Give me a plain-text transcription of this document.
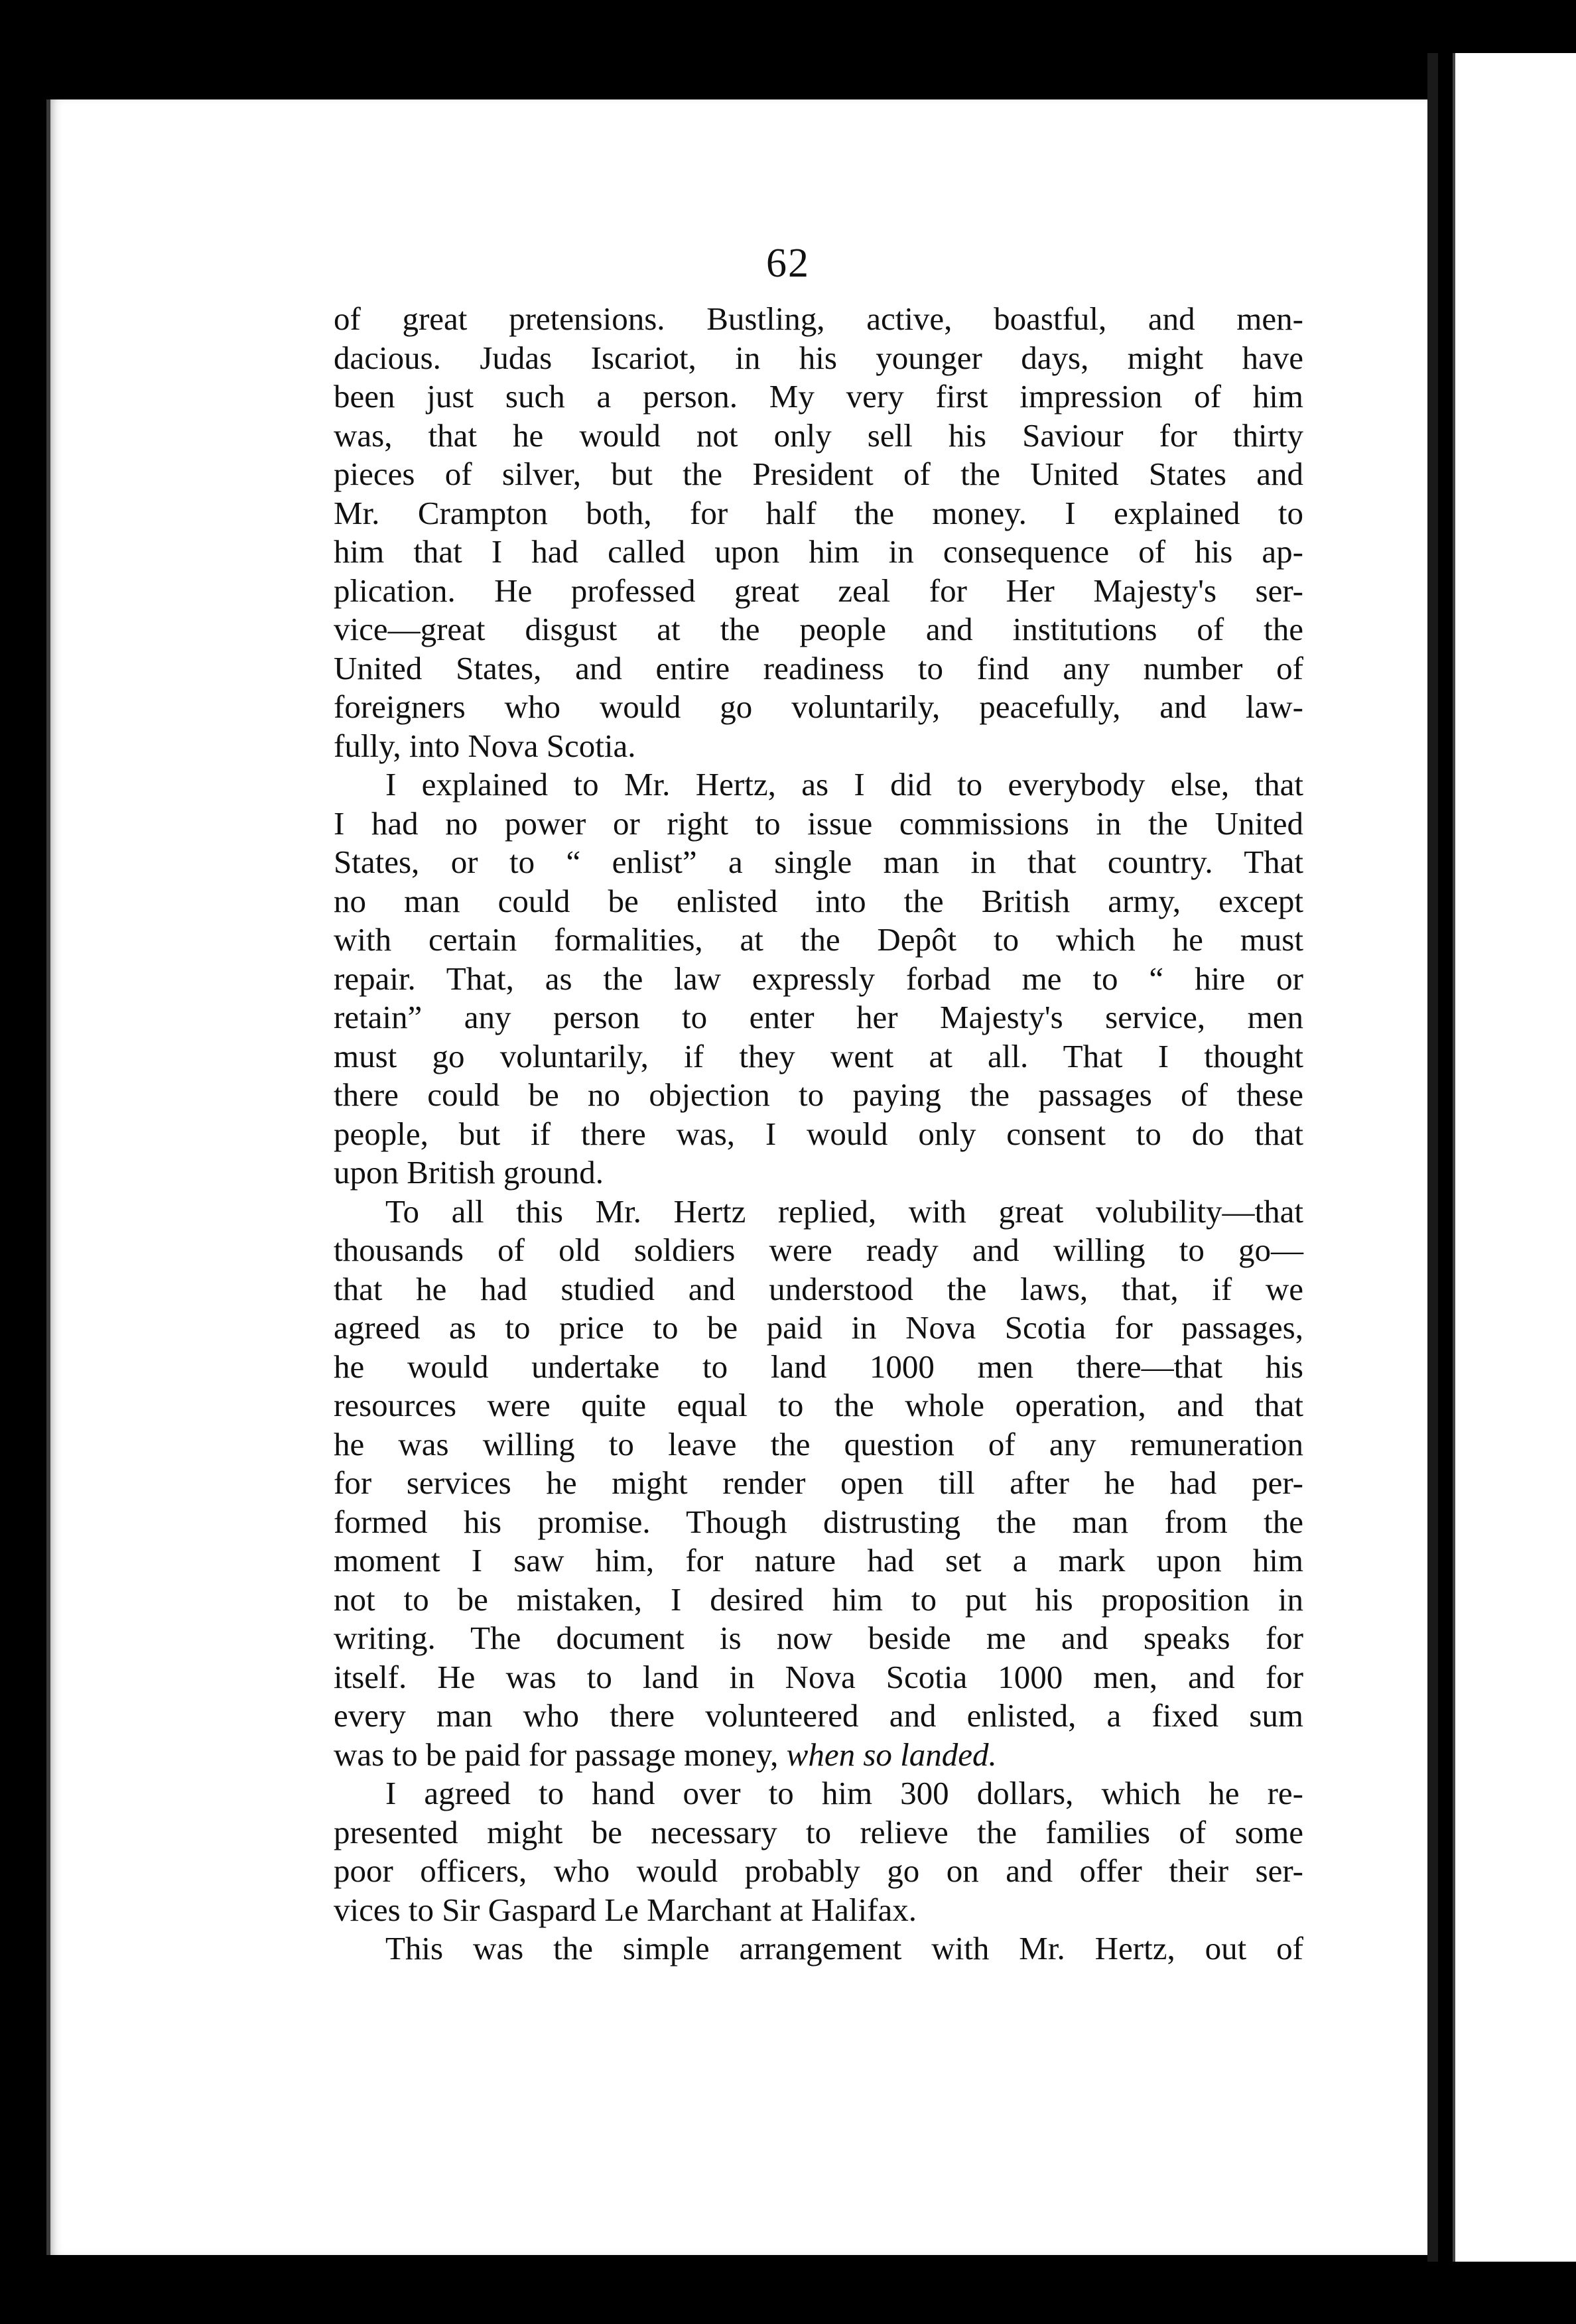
62
of great pretensions. Bustling, active, boastful, and men-
dacious. Judas Iscariot, in his younger days, might have
been just such a person. My very first impression of him
was, that he would not only sell his Saviour for thirty
pieces of silver, but the President of the United States and
Mr. Crampton both, for half the money. I explained to
him that I had called upon him in consequence of his ap-
plication. He professed great zeal for Her Majesty's ser-
vice—great disgust at the people and institutions of the
United States, and entire readiness to find any number of
foreigners who would go voluntarily, peacefully, and law-
fully, into Nova Scotia.
I explained to Mr. Hertz, as I did to everybody else, that
I had no power or right to issue commissions in the United
States, or to “ enlist” a single man in that country. That
no man could be enlisted into the British army, except
with certain formalities, at the Depôt to which he must
repair. That, as the law expressly forbad me to “ hire or
retain” any person to enter her Majesty's service, men
must go voluntarily, if they went at all. That I thought
there could be no objection to paying the passages of these
people, but if there was, I would only consent to do that
upon British ground.
To all this Mr. Hertz replied, with great volubility—that
thousands of old soldiers were ready and willing to go—
that he had studied and understood the laws, that, if we
agreed as to price to be paid in Nova Scotia for passages,
he would undertake to land 1000 men there—that his
resources were quite equal to the whole operation, and that
he was willing to leave the question of any remuneration
for services he might render open till after he had per-
formed his promise. Though distrusting the man from the
moment I saw him, for nature had set a mark upon him
not to be mistaken, I desired him to put his proposition in
writing. The document is now beside me and speaks for
itself. He was to land in Nova Scotia 1000 men, and for
every man who there volunteered and enlisted, a fixed sum
was to be paid for passage money, when so landed.
I agreed to hand over to him 300 dollars, which he re-
presented might be necessary to relieve the families of some
poor officers, who would probably go on and offer their ser-
vices to Sir Gaspard Le Marchant at Halifax.
This was the simple arrangement with Mr. Hertz, out of
